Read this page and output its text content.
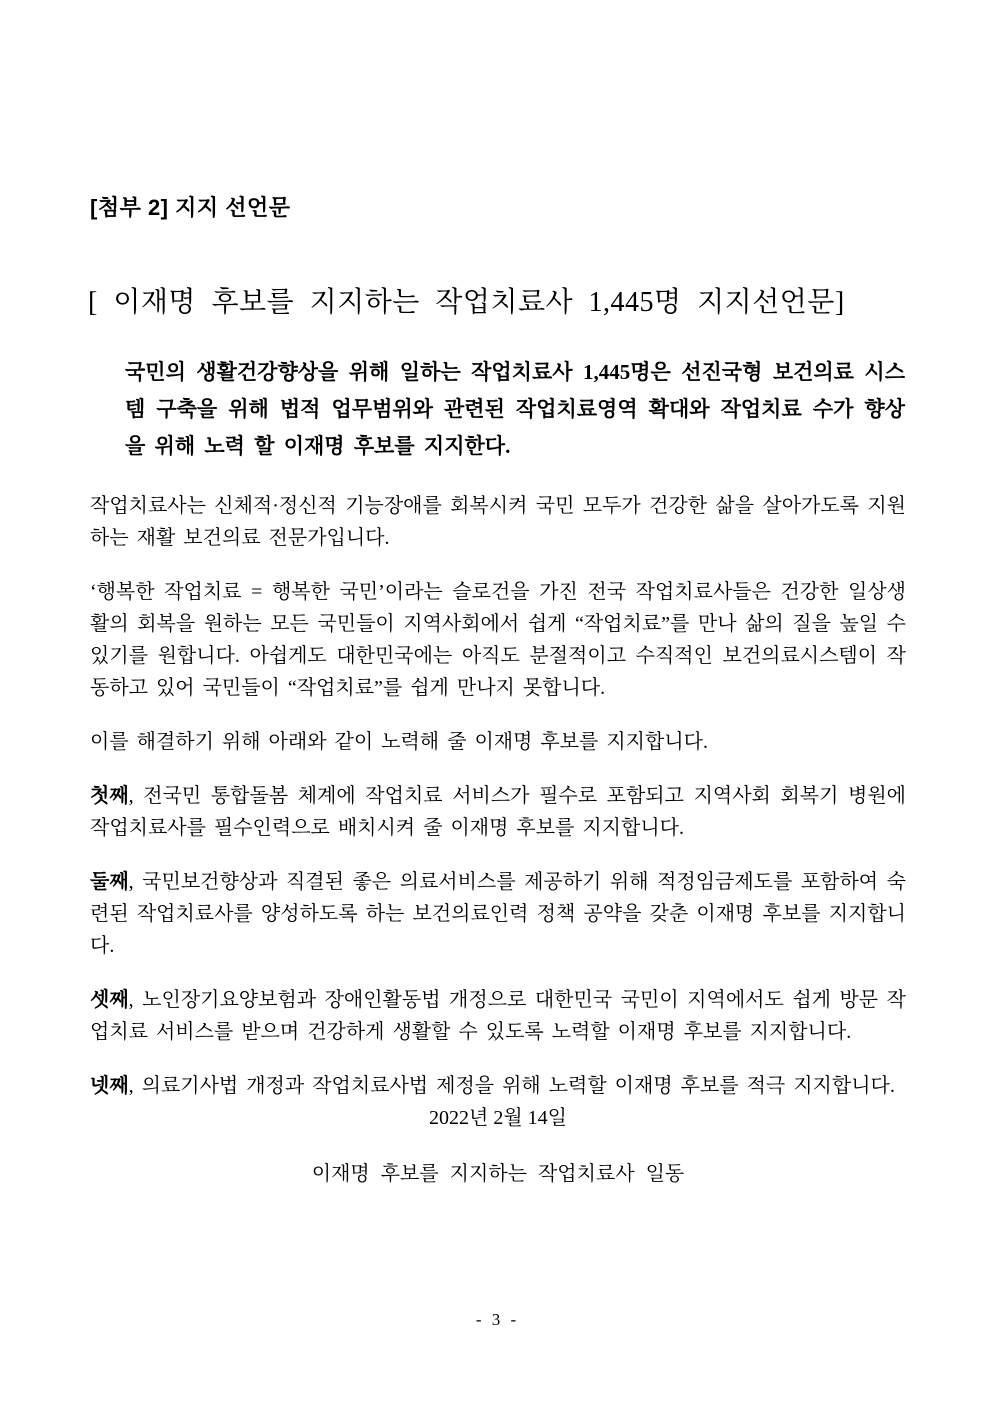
[첨부 2] 지지 선언문
[ 이재명 후보를 지지하는 작업치료사 1,445명 지지선언문]

국민의 생활건강향상을 위해 일하는 작업치료사 1,445명은 선진국형 보건의료 시스템 구축을 위해 법적 업무범위와 관련된 작업치료영역 확대와 작업치료 수가 향상을 위해 노력 할 이재명 후보를 지지한다.

작업치료사는 신체적·정신적 기능장애를 회복시켜 국민 모두가 건강한 삶을 살아가도록 지원하는 재활 보건의료 전문가입니다.

‘행복한 작업치료 = 행복한 국민’이라는 슬로건을 가진 전국 작업치료사들은 건강한 일상생활의 회복을 원하는 모든 국민들이 지역사회에서 쉽게 “작업치료”를 만나 삶의 질을 높일 수 있기를 원합니다. 아쉽게도 대한민국에는 아직도 분절적이고 수직적인 보건의료시스템이 작동하고 있어 국민들이 “작업치료”를 쉽게 만나지 못합니다.

이를 해결하기 위해 아래와 같이 노력해 줄 이재명 후보를 지지합니다.

첫째, 전국민 통합돌봄 체계에 작업치료 서비스가 필수로 포함되고 지역사회 회복기 병원에 작업치료사를 필수인력으로 배치시켜 줄 이재명 후보를 지지합니다.

둘째, 국민보건향상과 직결된 좋은 의료서비스를 제공하기 위해 적정임금제도를 포함하여 숙련된 작업치료사를 양성하도록 하는 보건의료인력 정책 공약을 갖춘 이재명 후보를 지지합니다.

셋째, 노인장기요양보험과 장애인활동법 개정으로 대한민국 국민이 지역에서도 쉽게 방문 작업치료 서비스를 받으며 건강하게 생활할 수 있도록 노력할 이재명 후보를 지지합니다.

넷째, 의료기사법 개정과 작업치료사법 제정을 위해 노력할 이재명 후보를 적극 지지합니다.

2022년 2월 14일

이재명 후보를 지지하는 작업치료사 일동

- 3 -
